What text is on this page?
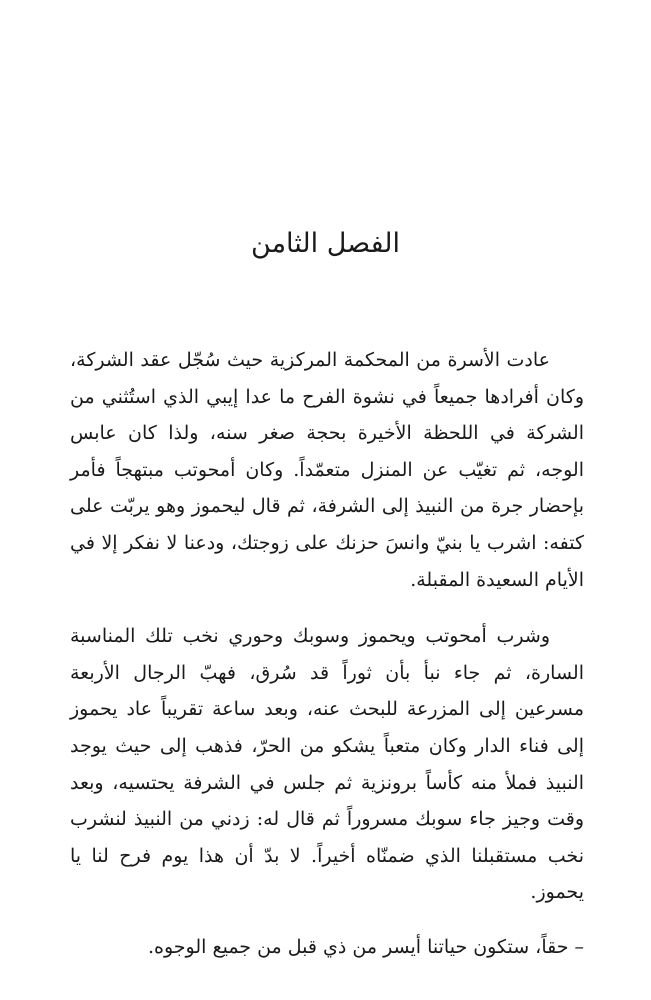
الفصل الثامن

عادت الأسرة من المحكمة المركزية حيث سُجّل عقد الشركة، وكان أفرادها جميعاً في نشوة الفرح ما عدا إيبي الذي استُثني من الشركة في اللحظة الأخيرة بحجة صغر سنه، ولذا كان عابس الوجه، ثم تغيّب عن المنزل متعمّداً. وكان أمحوتب مبتهجاً فأمر بإحضار جرة من النبيذ إلى الشرفة، ثم قال ليحموز وهو يربّت على كتفه: اشرب يا بنيّ وانسَ حزنك على زوجتك، ودعنا لا نفكر إلا في الأيام السعيدة المقبلة.

وشرب أمحوتب ويحموز وسوبك وحوري نخب تلك المناسبة السارة، ثم جاء نبأ بأن ثوراً قد سُرق، فهبّ الرجال الأربعة مسرعين إلى المزرعة للبحث عنه، وبعد ساعة تقريباً عاد يحموز إلى فناء الدار وكان متعباً يشكو من الحرّ، فذهب إلى حيث يوجد النبيذ فملأ منه كأساً برونزية ثم جلس في الشرفة يحتسيه، وبعد وقت وجيز جاء سوبك مسروراً ثم قال له: زدني من النبيذ لنشرب نخب مستقبلنا الذي ضمنّاه أخيراً. لا بدّ أن هذا يوم فرح لنا يا يحموز.

– حقاً، ستكون حياتنا أيسر من ذي قبل من جميع الوجوه.
